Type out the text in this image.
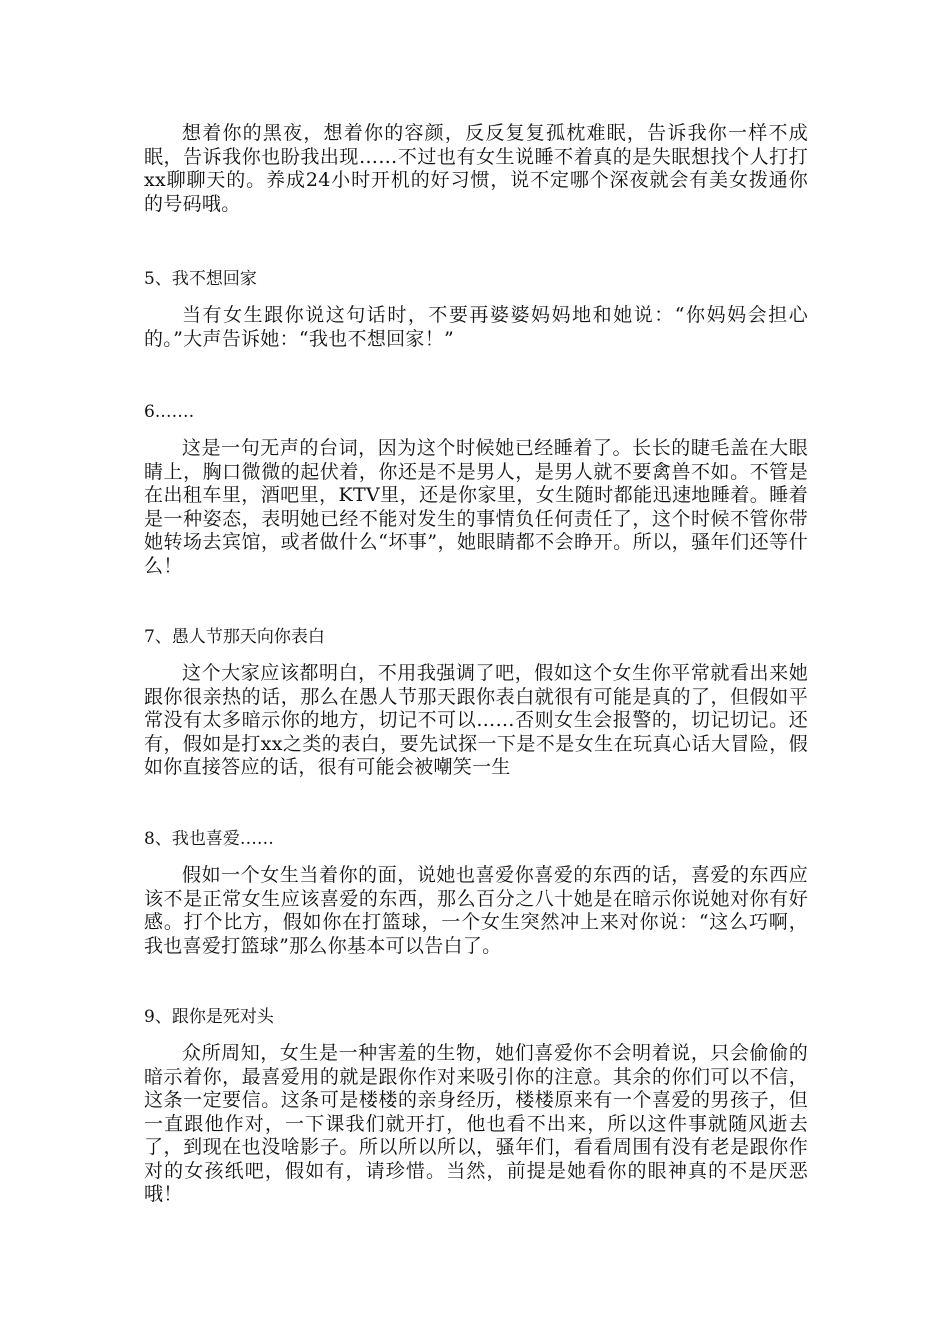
想着你的黑夜，想着你的容颜，反反复复孤枕难眠，告诉我你一样不成眠，告诉我你也盼我出现……不过也有女生说睡不着真的是失眠想找个人打打xx聊聊天的。养成24小时开机的好习惯，说不定哪个深夜就会有美女拨通你的号码哦。

5、我不想回家

当有女生跟你说这句话时，不要再婆婆妈妈地和她说：“你妈妈会担心的。”大声告诉她：“我也不想回家！”

6.……

这是一句无声的台词，因为这个时候她已经睡着了。长长的睫毛盖在大眼睛上，胸口微微的起伏着，你还是不是男人，是男人就不要禽兽不如。不管是在出租车里，酒吧里，KTV里，还是你家里，女生随时都能迅速地睡着。睡着是一种姿态，表明她已经不能对发生的事情负任何责任了，这个时候不管你带她转场去宾馆，或者做什么“坏事”，她眼睛都不会睁开。所以，骚年们还等什么！

7、愚人节那天向你表白

这个大家应该都明白，不用我强调了吧，假如这个女生你平常就看出来她跟你很亲热的话，那么在愚人节那天跟你表白就很有可能是真的了，但假如平常没有太多暗示你的地方，切记不可以……否则女生会报警的，切记切记。还有，假如是打xx之类的表白，要先试探一下是不是女生在玩真心话大冒险，假如你直接答应的话，很有可能会被嘲笑一生

8、我也喜爱……

假如一个女生当着你的面，说她也喜爱你喜爱的东西的话，喜爱的东西应该不是正常女生应该喜爱的东西，那么百分之八十她是在暗示你说她对你有好感。打个比方，假如你在打篮球，一个女生突然冲上来对你说：“这么巧啊，我也喜爱打篮球”那么你基本可以告白了。

9、跟你是死对头

众所周知，女生是一种害羞的生物，她们喜爱你不会明着说，只会偷偷的暗示着你，最喜爱用的就是跟你作对来吸引你的注意。其余的你们可以不信，这条一定要信。这条可是楼楼的亲身经历，楼楼原来有一个喜爱的男孩子，但一直跟他作对，一下课我们就开打，他也看不出来，所以这件事就随风逝去了，到现在也没啥影子。所以所以所以，骚年们，看看周围有没有老是跟你作对的女孩纸吧，假如有，请珍惜。当然，前提是她看你的眼神真的不是厌恶哦！
